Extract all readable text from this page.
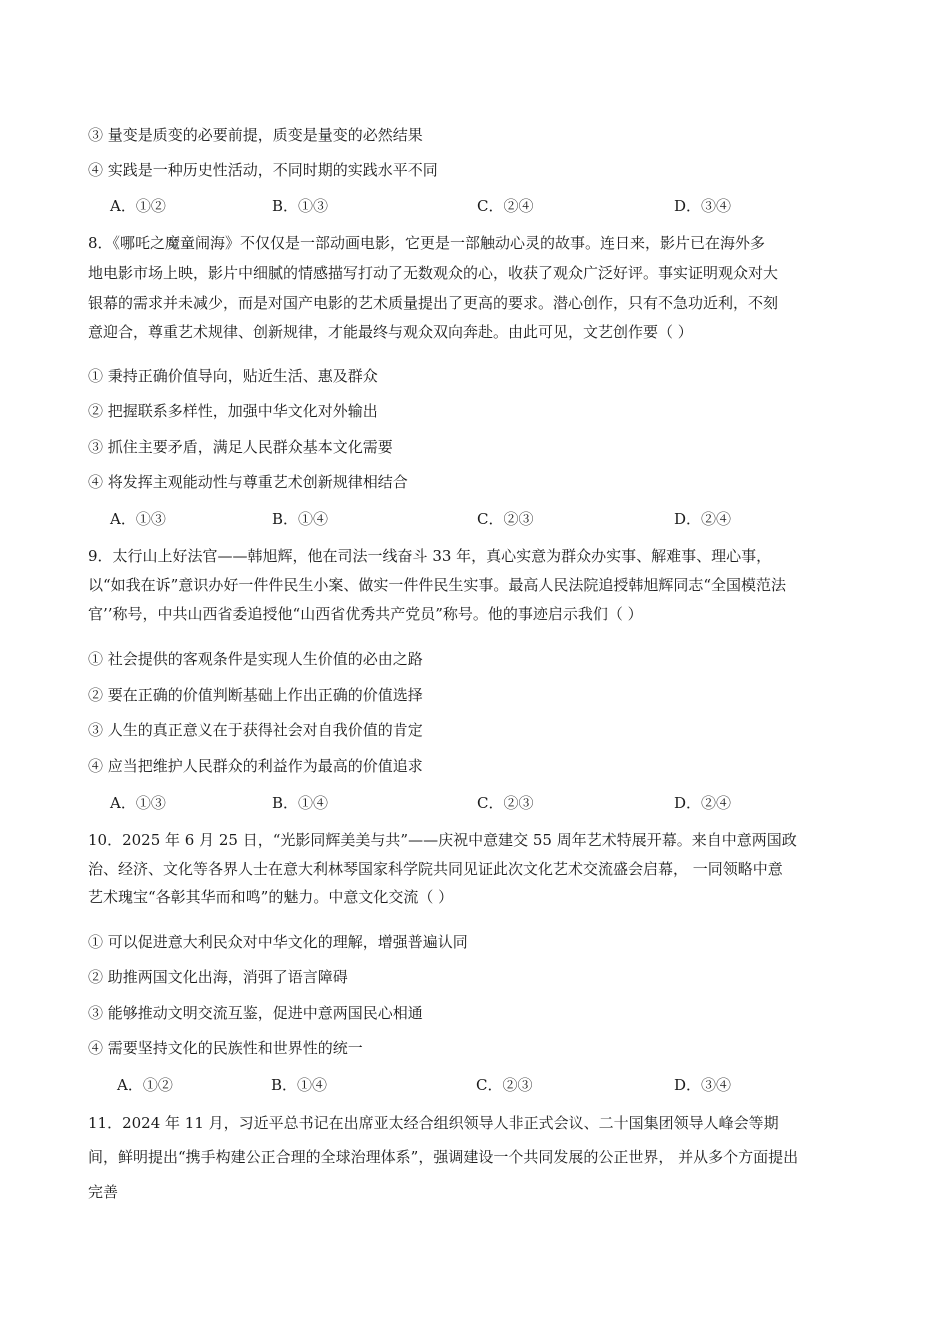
③ 量变是质变的必要前提，质变是量变的必然结果
④ 实践是一种历史性活动，不同时期的实践水平不同
A．①②	B．①③	C．②④	D．③④
8．《哪吒之魔童闹海》不仅仅是一部动画电影，它更是一部触动心灵的故事。连日来，影片已在海外多
地电影市场上映，影片中细腻的情感描写打动了无数观众的心，收获了观众广泛好评。事实证明观众对大
银幕的需求并未减少，而是对国产电影的艺术质量提出了更高的要求。潜心创作，只有不急功近利，不刻
意迎合，尊重艺术规律、创新规律，才能最终与观众双向奔赴。由此可见，文艺创作要（ ）
① 秉持正确价值导向，贴近生活、惠及群众
② 把握联系多样性，加强中华文化对外输出
③ 抓住主要矛盾，满足人民群众基本文化需要
④ 将发挥主观能动性与尊重艺术创新规律相结合
A．①③	B．①④	C．②③	D．②④
9．太行山上好法官——韩旭辉，他在司法一线奋斗 33 年，真心实意为群众办实事、解难事、理心事，
以“如我在诉”意识办好一件件民生小案、做实一件件民生实事。最高人民法院追授韩旭辉同志“全国模范法
官’’称号，中共山西省委追授他“山西省优秀共产党员”称号。他的事迹启示我们（ ）
① 社会提供的客观条件是实现人生价值的必由之路
② 要在正确的价值判断基础上作出正确的价值选择
③ 人生的真正意义在于获得社会对自我价值的肯定
④ 应当把维护人民群众的利益作为最高的价值追求
A．①③	B．①④	C．②③	D．②④
10．2025 年 6 月 25 日，“光影同辉美美与共”——庆祝中意建交 55 周年艺术特展开幕。来自中意两国政
治、经济、文化等各界人士在意大利林琴国家科学院共同见证此次文化艺术交流盛会启幕， 一同领略中意
艺术瑰宝“各彰其华而和鸣”的魅力。中意文化交流（ ）
① 可以促进意大利民众对中华文化的理解，增强普遍认同
② 助推两国文化出海，消弭了语言障碍
③ 能够推动文明交流互鉴，促进中意两国民心相通
④ 需要坚持文化的民族性和世界性的统一
A．①②	B．①④	C．②③	D．③④
11．2024 年 11 月，习近平总书记在出席亚太经合组织领导人非正式会议、二十国集团领导人峰会等期
间，鲜明提出“携手构建公正合理的全球治理体系”，强调建设一个共同发展的公正世界， 并从多个方面提出
完善
